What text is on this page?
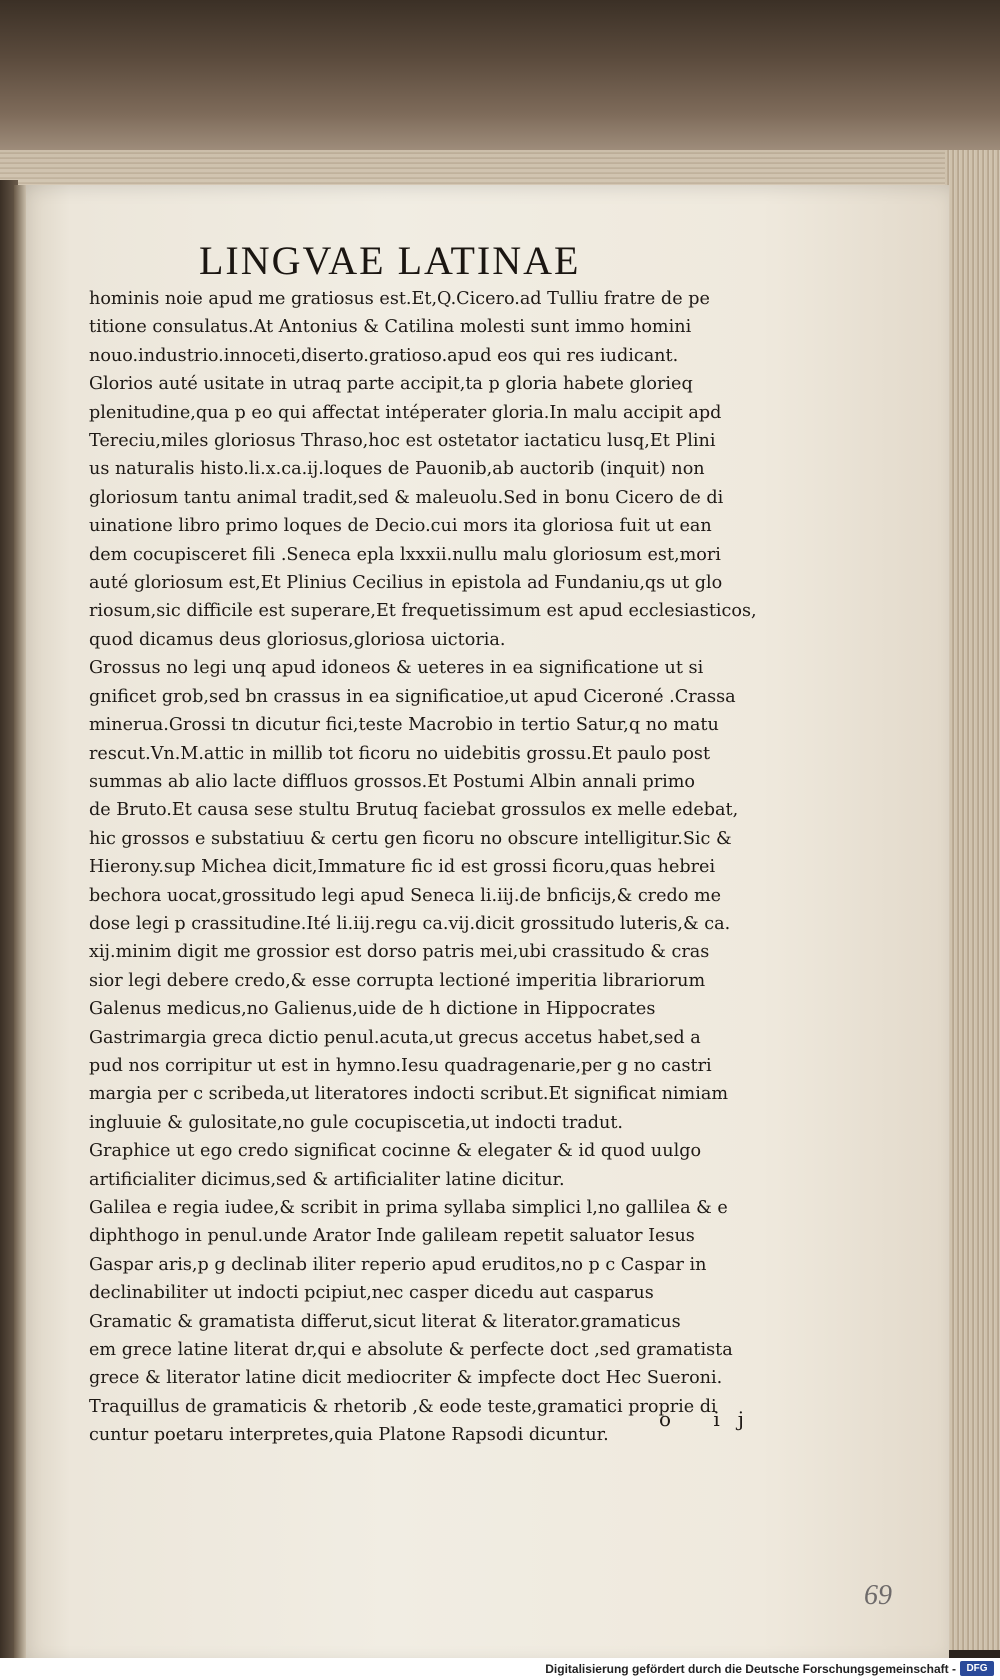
LINGVAE LATINAE
hominis noie apud me gratiosus est.Et,Q.Cicero.ad Tulliu fratre de pe
titione consulatus.At Antonius & Catilina molesti sunt immo homini
nouo.industrio.innoceti,diserto.gratioso.apud eos qui res iudicant.
Glorios auté usitate in utraq parte accipit,ta p gloria habete glorieq
plenitudine,qua p eo qui affectat intéperater gloria.In malu accipit apd
Tereciu,miles gloriosus Thraso,hoc est ostetator iactaticu lusq,Et Plini
us naturalis histo.li.x.ca.ij.loques de Pauonib,ab auctorib (inquit) non
gloriosum tantu animal tradit,sed & maleuolu.Sed in bonu Cicero de di
uinatione libro primo loques de Decio.cui mors ita gloriosa fuit ut ean
dem cocupisceret fili .Seneca epla lxxxii.nullu malu gloriosum est,mori
auté gloriosum est,Et Plinius Cecilius in epistola ad Fundaniu,qs ut glo
riosum,sic difficile est superare,Et frequetissimum est apud ecclesiasticos,
quod dicamus deus gloriosus,gloriosa uictoria.
Grossus no legi unq apud idoneos & ueteres in ea significatione ut si
gnificet grob,sed bn crassus in ea significatioe,ut apud Ciceroné .Crassa
minerua.Grossi tn dicutur fici,teste Macrobio in tertio Satur,q no matu
rescut.Vn.M.attic in millib tot ficoru no uidebitis grossu.Et paulo post
summas ab alio lacte diffluos grossos.Et Postumi Albin annali primo
de Bruto.Et causa sese stultu Brutuq faciebat grossulos ex melle edebat,
hic grossos e substatiuu & certu gen ficoru no obscure intelligitur.Sic &
Hierony.sup Michea dicit,Immature fic id est grossi ficoru,quas hebrei
bechora uocat,grossitudo legi apud Seneca li.iij.de bnficijs,& credo me
dose legi p crassitudine.Ité li.iij.regu ca.vij.dicit grossitudo luteris,& ca.
xij.minim digit me grossior est dorso patris mei,ubi crassitudo & cras
sior legi debere credo,& esse corrupta lectioné imperitia librariorum
Galenus medicus,no Galienus,uide de h dictione in Hippocrates
Gastrimargia greca dictio penul.acuta,ut grecus accetus habet,sed a
pud nos corripitur ut est in hymno.Iesu quadragenarie,per g no castri
margia per c scribeda,ut literatores indocti scribut.Et significat nimiam
ingluuie & gulositate,no gule cocupiscetia,ut indocti tradut.
Graphice ut ego credo significat cocinne & elegater & id quod uulgo
artificialiter dicimus,sed & artificialiter latine dicitur.
Galilea e regia iudee,& scribit in prima syllaba simplici l,no gallilea & e
diphthogo in penul.unde Arator Inde galileam repetit saluator Iesus
Gaspar aris,p g declinab iliter reperio apud eruditos,no p c Caspar in
declinabiliter ut indocti pcipiut,nec casper dicedu aut casparus
Gramatic & gramatista differut,sicut literat & literator.gramaticus
em grece latine literat dr,qui e absolute & perfecte doct ,sed gramatista
grece & literator latine dicit mediocriter & impfecte doct Hec Sueroni.
Traquillus de gramaticis & rhetorib ,& eode teste,gramatici proprie di
cuntur poetaru interpretes,quia Platone Rapsodi dicuntur.
o ij
69
Digitalisierung gefördert durch die Deutsche Forschungsgemeinschaft -	DFG
